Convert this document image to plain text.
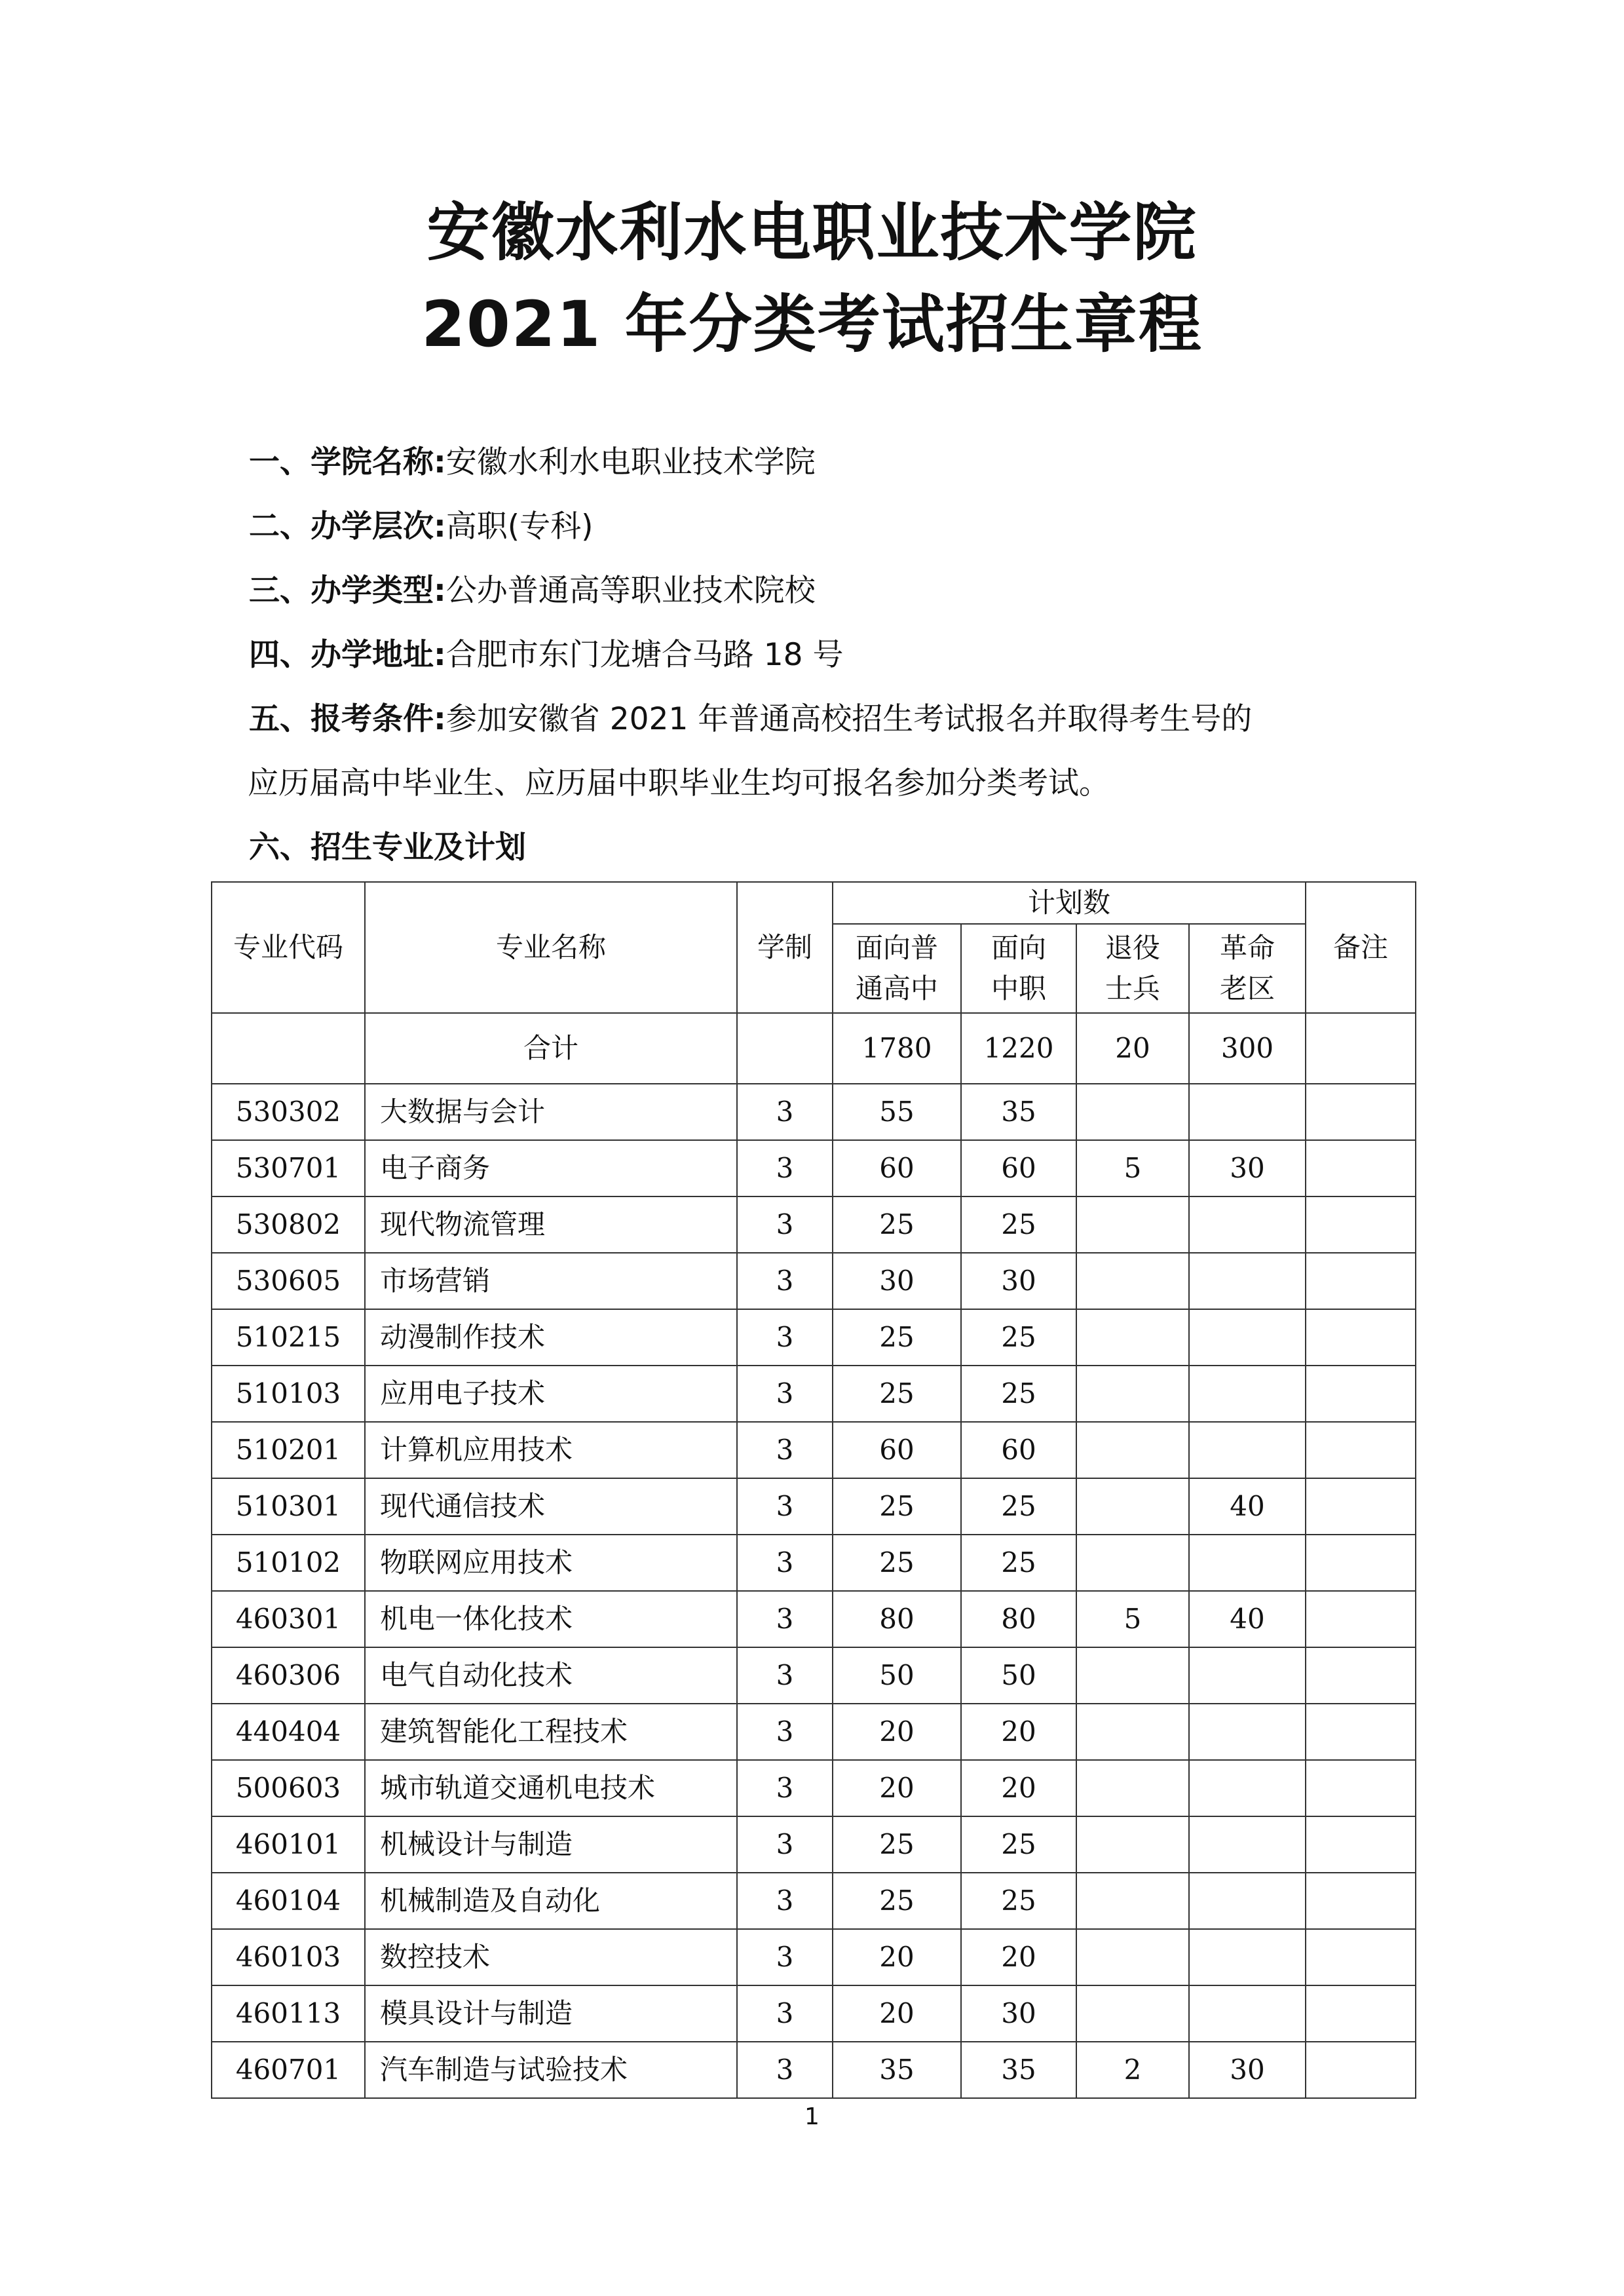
安徽水利水电职业技术学院
2021 年分类考试招生章程
一、学院名称:安徽水利水电职业技术学院
二、办学层次:高职(专科)
三、办学类型:公办普通高等职业技术院校
四、办学地址:合肥市东门龙塘合马路 18 号
五、报考条件:参加安徽省 2021 年普通高校招生考试报名并取得考生号的
应历届高中毕业生、应历届中职毕业生均可报名参加分类考试。
六、招生专业及计划
专业代码	专业名称	学制	计划数				备注
			面向普通高中	面向中职	退役士兵	革命老区	
	合计		1780	1220	20	300	
530302	大数据与会计	3	55	35			
530701	电子商务	3	60	60	5	30	
530802	现代物流管理	3	25	25			
530605	市场营销	3	30	30			
510215	动漫制作技术	3	25	25			
510103	应用电子技术	3	25	25			
510201	计算机应用技术	3	60	60			
510301	现代通信技术	3	25	25		40	
510102	物联网应用技术	3	25	25			
460301	机电一体化技术	3	80	80	5	40	
460306	电气自动化技术	3	50	50			
440404	建筑智能化工程技术	3	20	20			
500603	城市轨道交通机电技术	3	20	20			
460101	机械设计与制造	3	25	25			
460104	机械制造及自动化	3	25	25			
460103	数控技术	3	20	20			
460113	模具设计与制造	3	20	30			
460701	汽车制造与试验技术	3	35	35	2	30	
1
